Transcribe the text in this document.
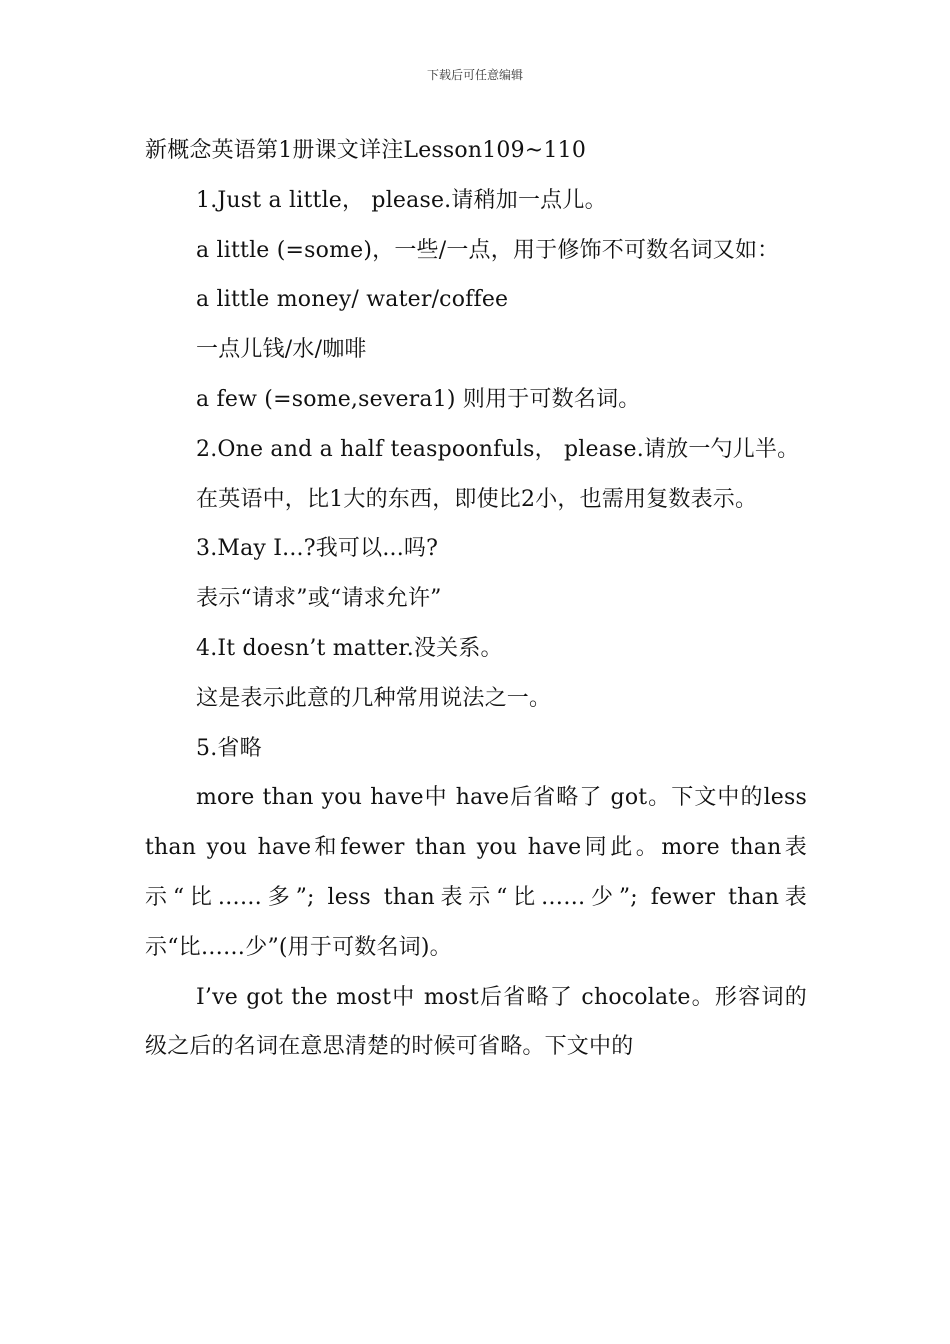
下载后可任意编辑

新概念英语第1册课文详注Lesson109~110

1.Just a little， please.请稍加一点儿。

a little (=some)，一些/一点，用于修饰不可数名词又如：

a little money/ water/coffee

一点儿钱/水/咖啡

a few (=some,severa1) 则用于可数名词。

2.One and a half teaspoonfuls， please.请放一勺儿半。

在英语中，比1大的东西，即使比2小，也需用复数表示。

3.May I...?我可以...吗?

表示“请求”或“请求允许”

4.It doesn’t matter.没关系。

这是表示此意的几种常用说法之一。

5.省略

more than you have中 have后省略了 got。下文中的less than you have和fewer than you have同此。more than表示“比……多”; less than表示“比……少”; fewer than表示“比……少”(用于可数名词)。

I’ve got the most中 most后省略了 chocolate。形容词的级之后的名词在意思清楚的时候可省略。下文中的
